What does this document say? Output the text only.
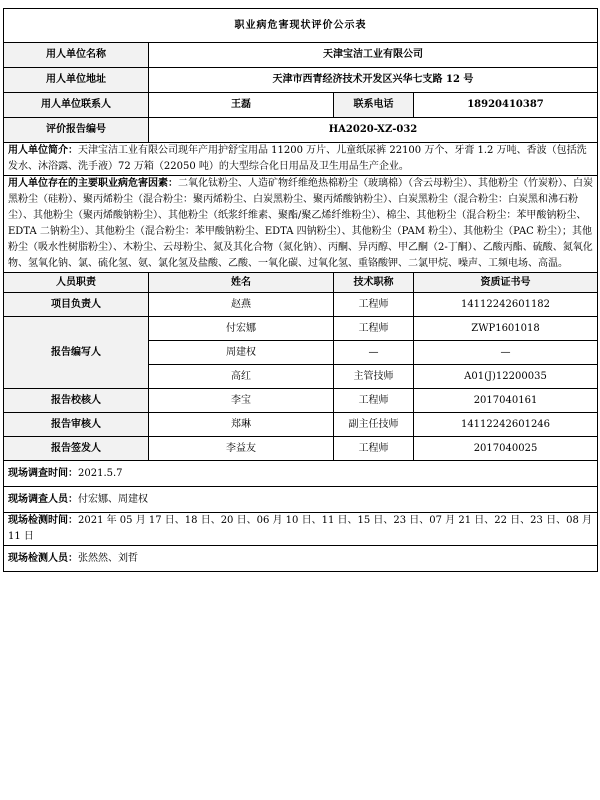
职业病危害现状评价公示表			
用人单位名称	天津宝洁工业有限公司		
用人单位地址	天津市西青经济技术开发区兴华七支路 12 号		
用人单位联系人	王磊	联系电话	18920410387
评价报告编号	HA2020-XZ-032		
用人单位简介：天津宝洁工业有限公司现年产用护舒宝用品 11200 万片、儿童纸尿裤 22100 万个、牙膏 1.2 万吨、香波（包括洗发水、沐浴露、洗手液）72 万箱（22050 吨）的大型综合化日用品及卫生用品生产企业。			
用人单位存在的主要职业病危害因素：二氧化钛粉尘、人造矿物纤维绝热棉粉尘（玻璃棉）（含云母粉尘）、其他粉尘（竹炭粉）、白炭黑粉尘（硅粉）、聚丙烯粉尘（混合粉尘：聚丙烯粉尘、白炭黑粉尘、聚丙烯酸钠粉尘）、白炭黑粉尘（混合粉尘：白炭黑和沸石粉尘）、其他粉尘（聚丙烯酸钠粉尘）、其他粉尘（纸浆纤维素、聚酯/聚乙烯纤维粉尘）、棉尘、其他粉尘（混合粉尘：苯甲酸钠粉尘、EDTA 二钠粉尘）、其他粉尘（混合粉尘：苯甲酸钠粉尘、EDTA 四钠粉尘）、其他粉尘（PAM 粉尘）、其他粉尘（PAC 粉尘）；其他粉尘（吸水性树脂粉尘）、木粉尘、云母粉尘、氮及其化合物（氮化钠）、丙酮、异丙醇、甲乙酮（2-丁酮）、乙酸丙酯、硫酸、氮氧化物、氢氧化钠、氯、硫化氢、氨、氯化氢及盐酸、乙酸、一氧化碳、过氧化氢、重铬酸钾、二氯甲烷、噪声、工频电场、高温。			
人员职责	姓名	技术职称	资质证书号
项目负责人	赵燕	工程师	14112242601182
报告编写人	付宏娜	工程师	ZWP1601018
	周建权	—	—
	高红	主管技师	A01(J)12200035
报告校核人	李宝	工程师	2017040161
报告审核人	郑琳	副主任技师	14112242601246
报告签发人	李益友	工程师	2017040025
现场调查时间：2021.5.7			
现场调查人员：付宏娜、周建权			
现场检测时间：2021 年 05 月 17 日、18 日、20 日、06 月 10 日、11 日、15 日、23 日、07 月 21 日、22 日、23 日、08 月 11 日			
现场检测人员：张然然、刘哲			
